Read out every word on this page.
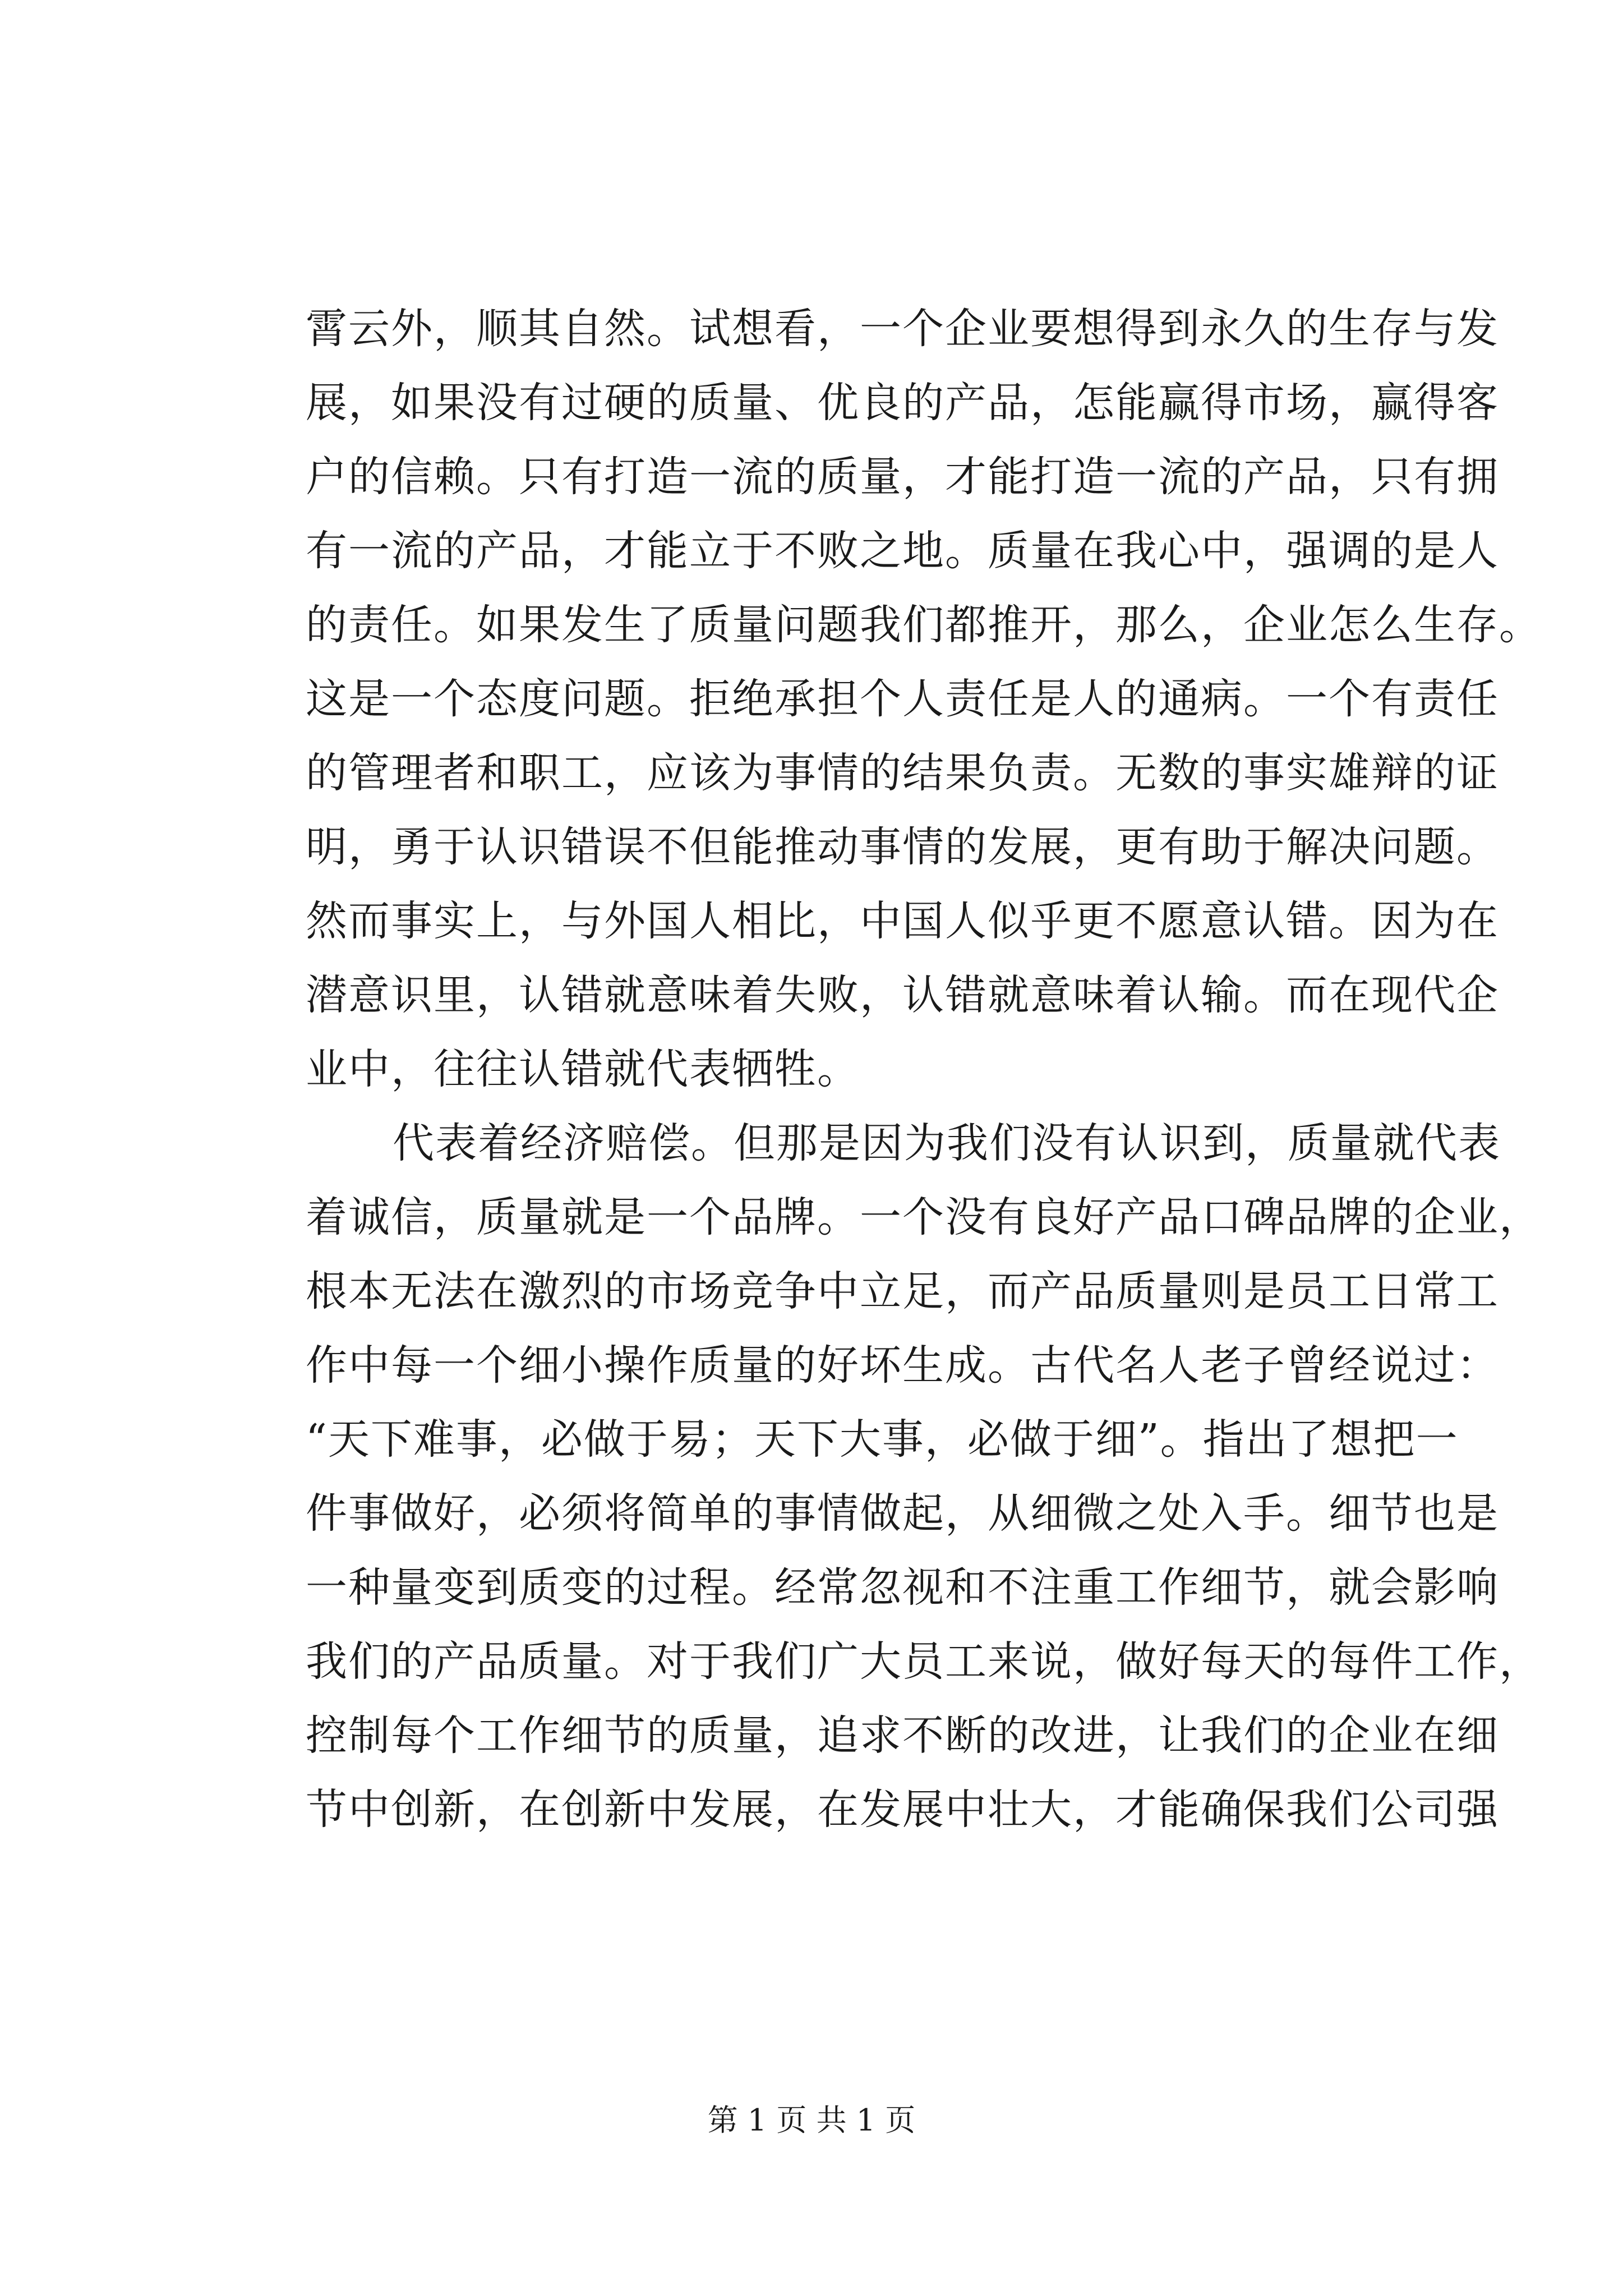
霄云外，顺其自然。试想看，一个企业要想得到永久的生存与发
展，如果没有过硬的质量、优良的产品，怎能赢得市场，赢得客
户的信赖。只有打造一流的质量，才能打造一流的产品，只有拥
有一流的产品，才能立于不败之地。质量在我心中，强调的是人
的责任。如果发生了质量问题我们都推开，那么，企业怎么生存。
这是一个态度问题。拒绝承担个人责任是人的通病。一个有责任
的管理者和职工，应该为事情的结果负责。无数的事实雄辩的证
明，勇于认识错误不但能推动事情的发展，更有助于解决问题。
然而事实上，与外国人相比，中国人似乎更不愿意认错。因为在
潜意识里，认错就意味着失败，认错就意味着认输。而在现代企
业中，往往认错就代表牺牲。
代表着经济赔偿。但那是因为我们没有认识到，质量就代表
着诚信，质量就是一个品牌。一个没有良好产品口碑品牌的企业，
根本无法在激烈的市场竞争中立足，而产品质量则是员工日常工
作中每一个细小操作质量的好坏生成。古代名人老子曾经说过：
“天下难事，必做于易；天下大事，必做于细”。指出了想把一
件事做好，必须将简单的事情做起，从细微之处入手。细节也是
一种量变到质变的过程。经常忽视和不注重工作细节，就会影响
我们的产品质量。对于我们广大员工来说，做好每天的每件工作，
控制每个工作细节的质量，追求不断的改进，让我们的企业在细
节中创新，在创新中发展，在发展中壮大，才能确保我们公司强
第 1 页 共 1 页
